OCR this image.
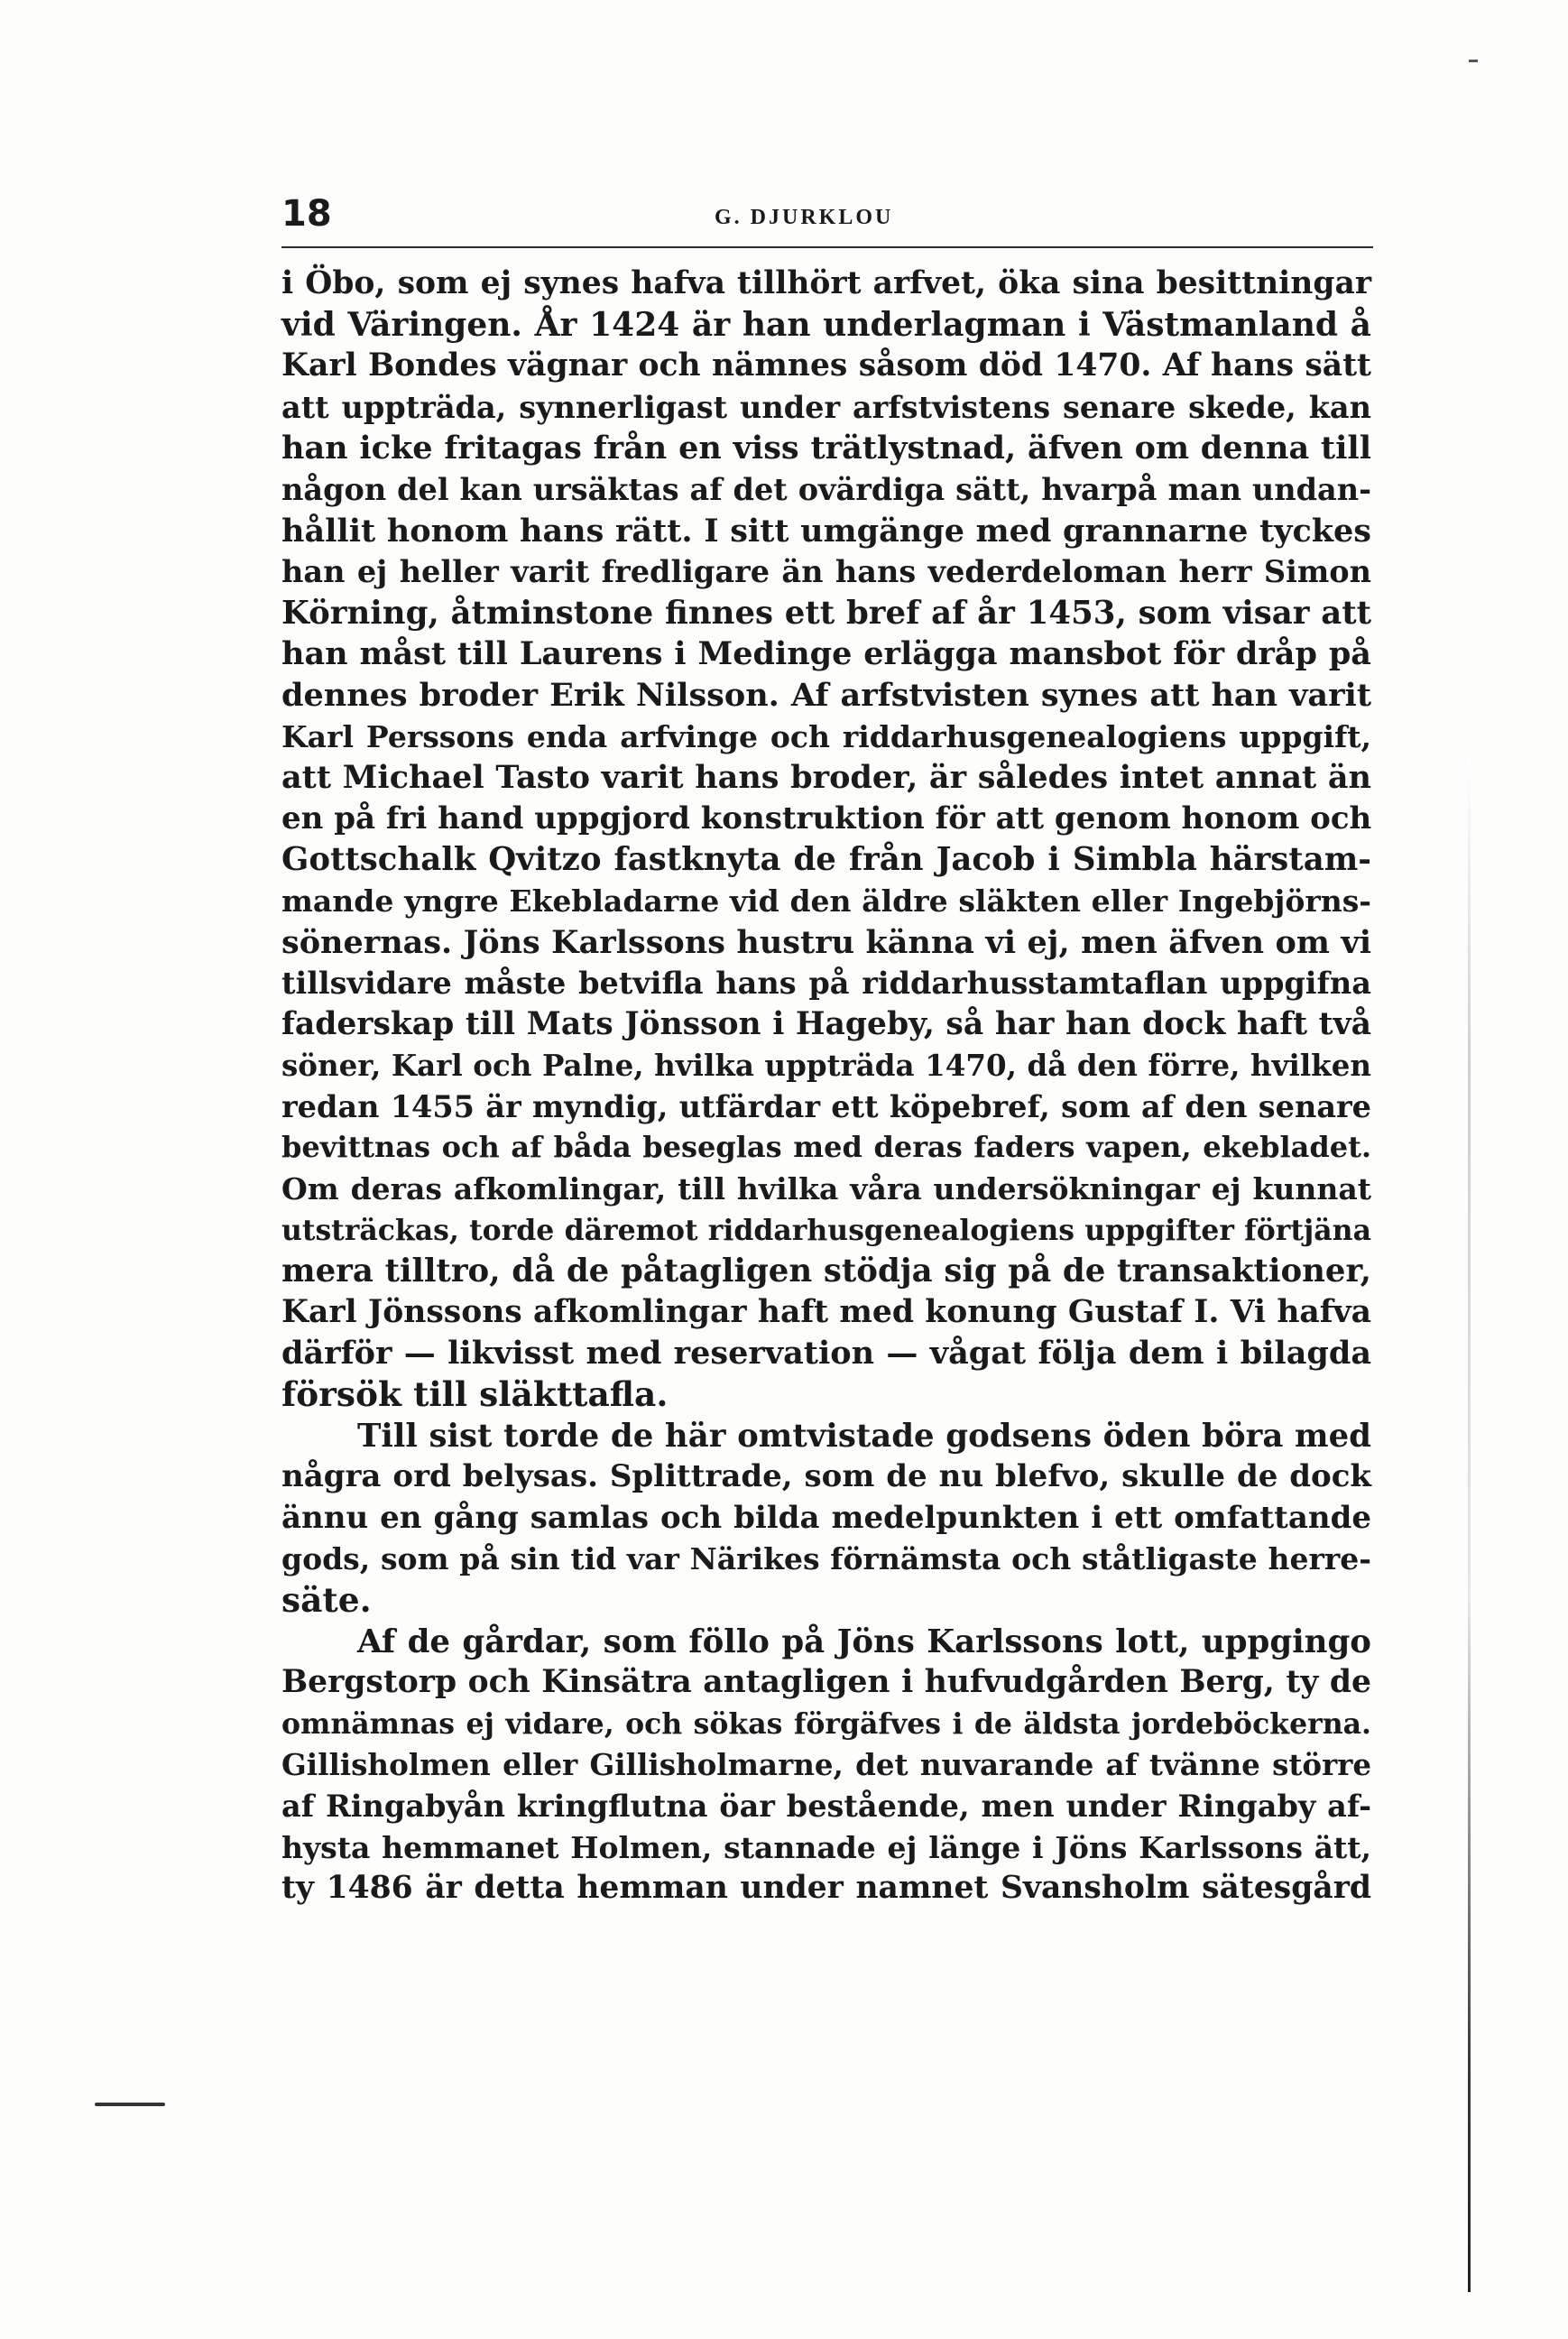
18	G. DJURKLOU
i Öbo, som ej synes hafva tillhört arfvet, öka sina besittningar
vid Väringen. År 1424 är han underlagman i Västmanland å
Karl Bondes vägnar och nämnes såsom död 1470. Af hans sätt
att uppträda, synnerligast under arfstvistens senare skede, kan
han icke fritagas från en viss trätlystnad, äfven om denna till
någon del kan ursäktas af det ovärdiga sätt, hvarpå man undan-
hållit honom hans rätt. I sitt umgänge med grannarne tyckes
han ej heller varit fredligare än hans vederdeloman herr Simon
Körning, åtminstone finnes ett bref af år 1453, som visar att
han måst till Laurens i Medinge erlägga mansbot för dråp på
dennes broder Erik Nilsson. Af arfstvisten synes att han varit
Karl Perssons enda arfvinge och riddarhusgenealogiens uppgift,
att Michael Tasto varit hans broder, är således intet annat än
en på fri hand uppgjord konstruktion för att genom honom och
Gottschalk Qvitzo fastknyta de från Jacob i Simbla härstam-
mande yngre Ekebladarne vid den äldre släkten eller Ingebjörns-
sönernas. Jöns Karlssons hustru känna vi ej, men äfven om vi
tillsvidare måste betvifla hans på riddarhusstamtaflan uppgifna
faderskap till Mats Jönsson i Hageby, så har han dock haft två
söner, Karl och Palne, hvilka uppträda 1470, då den förre, hvilken
redan 1455 är myndig, utfärdar ett köpebref, som af den senare
bevittnas och af båda beseglas med deras faders vapen, ekebladet.
Om deras afkomlingar, till hvilka våra undersökningar ej kunnat
utsträckas, torde däremot riddarhusgenealogiens uppgifter förtjäna
mera tilltro, då de påtagligen stödja sig på de transaktioner,
Karl Jönssons afkomlingar haft med konung Gustaf I. Vi hafva
därför — likvisst med reservation — vågat följa dem i bilagda
försök till släkttafla.
Till sist torde de här omtvistade godsens öden böra med
några ord belysas. Splittrade, som de nu blefvo, skulle de dock
ännu en gång samlas och bilda medelpunkten i ett omfattande
gods, som på sin tid var Närikes förnämsta och ståtligaste herre-
säte.
Af de gårdar, som föllo på Jöns Karlssons lott, uppgingo
Bergstorp och Kinsätra antagligen i hufvudgården Berg, ty de
omnämnas ej vidare, och sökas förgäfves i de äldsta jordeböckerna.
Gillisholmen eller Gillisholmarne, det nuvarande af tvänne större
af Ringabyån kringflutna öar bestående, men under Ringaby af-
hysta hemmanet Holmen, stannade ej länge i Jöns Karlssons ätt,
ty 1486 är detta hemman under namnet Svansholm sätesgård
